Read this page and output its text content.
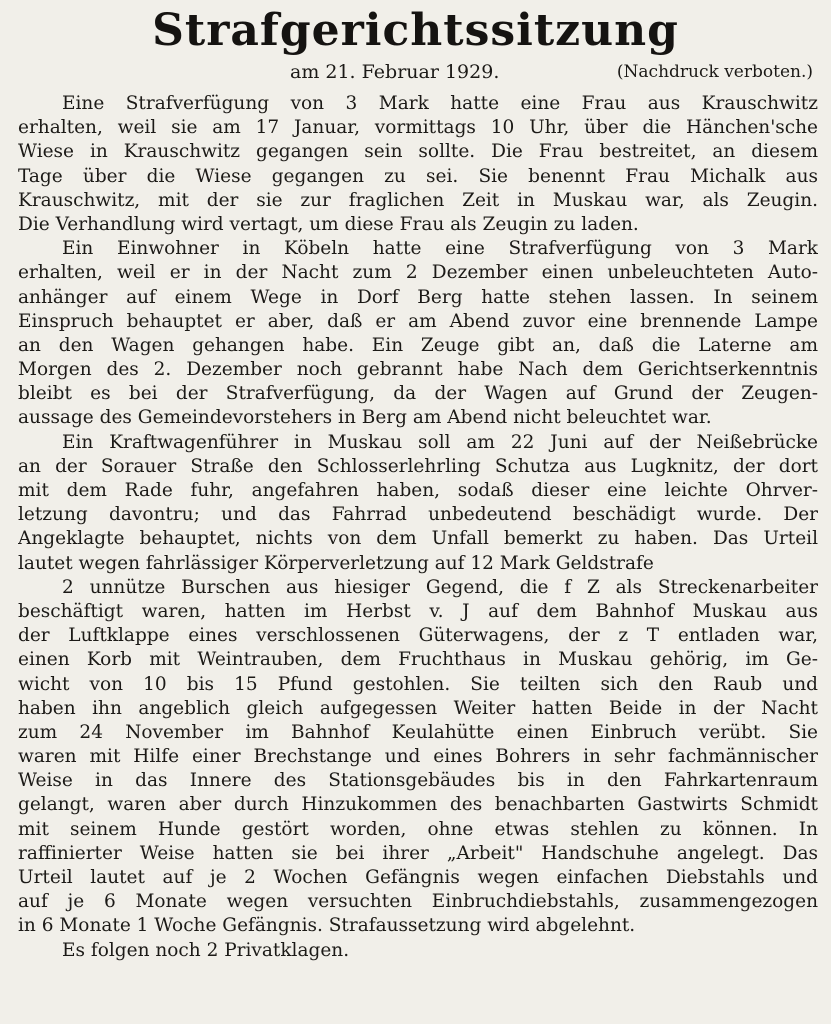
Strafgerichtssitzung
am 21. Februar 1929.	(Nachdruck verboten.)
Eine Strafverfügung von 3 Mark hatte eine Frau aus Krauschwitz
erhalten, weil sie am 17 Januar, vormittags 10 Uhr, über die Hänchen'sche
Wiese in Krauschwitz gegangen sein sollte. Die Frau bestreitet, an diesem
Tage über die Wiese gegangen zu sei. Sie benennt Frau Michalk aus
Krauschwitz, mit der sie zur fraglichen Zeit in Muskau war, als Zeugin.
Die Verhandlung wird vertagt, um diese Frau als Zeugin zu laden.
Ein Einwohner in Köbeln hatte eine Strafverfügung von 3 Mark
erhalten, weil er in der Nacht zum 2 Dezember einen unbeleuchteten Auto-
anhänger auf einem Wege in Dorf Berg hatte stehen lassen. In seinem
Einspruch behauptet er aber, daß er am Abend zuvor eine brennende Lampe
an den Wagen gehangen habe. Ein Zeuge gibt an, daß die Laterne am
Morgen des 2. Dezember noch gebrannt habe Nach dem Gerichtserkenntnis
bleibt es bei der Strafverfügung, da der Wagen auf Grund der Zeugen-
aussage des Gemeindevorstehers in Berg am Abend nicht beleuchtet war.
Ein Kraftwagenführer in Muskau soll am 22 Juni auf der Neißebrücke
an der Sorauer Straße den Schlosserlehrling Schutza aus Lugknitz, der dort
mit dem Rade fuhr, angefahren haben, sodaß dieser eine leichte Ohrver-
letzung davontru; und das Fahrrad unbedeutend beschädigt wurde. Der
Angeklagte behauptet, nichts von dem Unfall bemerkt zu haben. Das Urteil
lautet wegen fahrlässiger Körperverletzung auf 12 Mark Geldstrafe
2 unnütze Burschen aus hiesiger Gegend, die f Z als Streckenarbeiter
beschäftigt waren, hatten im Herbst v. J auf dem Bahnhof Muskau aus
der Luftklappe eines verschlossenen Güterwagens, der z T entladen war,
einen Korb mit Weintrauben, dem Fruchthaus in Muskau gehörig, im Ge-
wicht von 10 bis 15 Pfund gestohlen. Sie teilten sich den Raub und
haben ihn angeblich gleich aufgegessen Weiter hatten Beide in der Nacht
zum 24 November im Bahnhof Keulahütte einen Einbruch verübt. Sie
waren mit Hilfe einer Brechstange und eines Bohrers in sehr fachmännischer
Weise in das Innere des Stationsgebäudes bis in den Fahrkartenraum
gelangt, waren aber durch Hinzukommen des benachbarten Gastwirts Schmidt
mit seinem Hunde gestört worden, ohne etwas stehlen zu können. In
raffinierter Weise hatten sie bei ihrer „Arbeit" Handschuhe angelegt. Das
Urteil lautet auf je 2 Wochen Gefängnis wegen einfachen Diebstahls und
auf je 6 Monate wegen versuchten Einbruchdiebstahls, zusammengezogen
in 6 Monate 1 Woche Gefängnis. Strafaussetzung wird abgelehnt.
Es folgen noch 2 Privatklagen.
